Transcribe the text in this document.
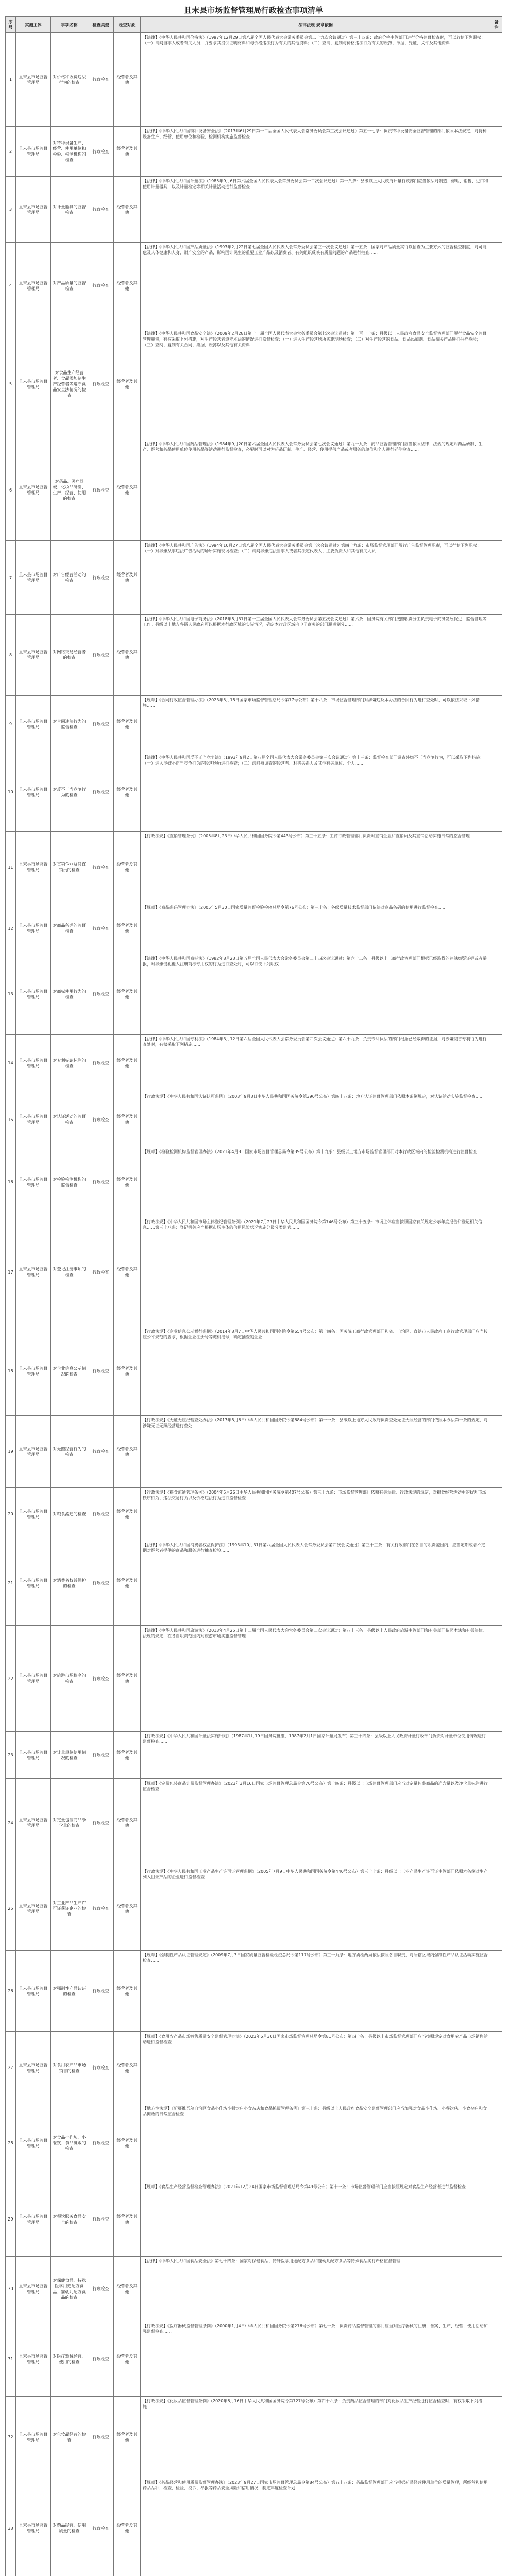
且末县市场监督管理局行政检查事项清单
序号	实施主体	事项名称	检查类型	检查对象	法律法规 规章依据	备注
1	且末县市场监督管理局	对价格和收费违法行为的检查	行政检查	经营者及其他	【法律】《中华人民共和国价格法》（1997年12月29日第八届全国人民代表大会常务委员会第二十九次会议通过）第三十四条：政府价格主管部门进行价格监督检查时，可以行使下列职权：（一）询问当事人或者有关人员，并要求其提供证明材料和与价格违法行为有关的其他资料；（二）查询、复制与价格违法行为有关的账簿、单据、凭证、文件及其他资料……	
2	且末县市场监督管理局	对特种设备生产、经营、使用单位和检验、检测机构的检查	行政检查	经营者及其他	【法律】《中华人民共和国特种设备安全法》（2013年6月29日第十二届全国人民代表大会常务委员会第三次会议通过）第五十七条：负责特种设备安全监督管理的部门依照本法规定，对特种设备生产、经营、使用单位和检验、检测机构实施监督检查……	
3	且末县市场监督管理局	对计量器具的监督检查	行政检查	经营者及其他	【法律】《中华人民共和国计量法》（1985年9月6日第六届全国人民代表大会常务委员会第十二次会议通过）第十八条：县级以上人民政府计量行政部门应当依法对制造、修理、销售、进口和使用计量器具，以及计量检定等相关计量活动进行监督检查……	
4	且末县市场监督管理局	对产品质量的监督检查	行政检查	经营者及其他	【法律】《中华人民共和国产品质量法》（1993年2月22日第七届全国人民代表大会常务委员会第三十次会议通过）第十五条：国家对产品质量实行以抽查为主要方式的监督检查制度，对可能危及人体健康和人身、财产安全的产品，影响国计民生的重要工业产品以及消费者、有关组织反映有质量问题的产品进行抽查……	
5	且末县市场监督管理局	对食品生产经营者、食品添加剂生产经营者等遵守食品安全法情况的检查	行政检查	经营者及其他	【法律】《中华人民共和国食品安全法》（2009年2月28日第十一届全国人民代表大会常务委员会第七次会议通过）第一百一十条：县级以上人民政府食品安全监督管理部门履行食品安全监督管理职责，有权采取下列措施，对生产经营者遵守本法的情况进行监督检查：（一）进入生产经营场所实施现场检查；（二）对生产经营的食品、食品添加剂、食品相关产品进行抽样检验；（三）查阅、复制有关合同、票据、账簿以及其他有关资料……	
6	且末县市场监督管理局	对药品、医疗器械、化妆品研制、生产、经营、使用的检查	行政检查	经营者及其他	【法律】《中华人民共和国药品管理法》（1984年9月20日第六届全国人民代表大会常务委员会第七次会议通过）第九十九条：药品监督管理部门应当依照法律、法规的规定对药品研制、生产、经营和药品使用单位使用药品等活动进行监督检查，必要时可以对为药品研制、生产、经营、使用提供产品或者服务的单位和个人进行延伸检查……	
7	且末县市场监督管理局	对广告经营活动的检查	行政检查	经营者及其他	【法律】《中华人民共和国广告法》（1994年10月27日第八届全国人民代表大会常务委员会第十次会议通过）第四十九条：市场监督管理部门履行广告监督管理职责，可以行使下列职权：（一）对涉嫌从事违法广告活动的场所实施现场检查；（二）询问涉嫌违法当事人或者其法定代表人、主要负责人和其他有关人员……	
8	且末县市场监督管理局	对网络交易经营者的检查	行政检查	经营者及其他	【法律】《中华人民共和国电子商务法》（2018年8月31日第十三届全国人民代表大会常务委员会第五次会议通过）第六条：国务院有关部门按照职责分工负责电子商务发展促进、监督管理等工作。县级以上地方各级人民政府可以根据本行政区域的实际情况，确定本行政区域内电子商务的部门职责划分……	
9	且末县市场监督管理局	对合同违法行为的监督检查	行政检查	经营者及其他	【规章】《合同行政监督管理办法》（2023年5月18日国家市场监督管理总局令第77号公布）第十八条：市场监督管理部门对涉嫌违反本办法的合同行为进行查处时，可以依法采取下列措施……	
10	且末县市场监督管理局	对反不正当竞争行为的检查	行政检查	经营者及其他	【法律】《中华人民共和国反不正当竞争法》（1993年9月2日第八届全国人民代表大会常务委员会第三次会议通过）第十三条：监督检查部门调查涉嫌不正当竞争行为，可以采取下列措施：（一）进入涉嫌不正当竞争行为的经营场所进行检查；（二）询问被调查的经营者、利害关系人及其他有关单位、个人……	
11	且末县市场监督管理局	对直销企业及其直销员的检查	行政检查	经营者及其他	【行政法规】《直销管理条例》（2005年8月23日中华人民共和国国务院令第443号公布）第三十五条：工商行政管理部门负责对直销企业和直销员及其直销活动实施日常的监督管理……	
12	且末县市场监督管理局	对商品条码的监督检查	行政检查	经营者及其他	【规章】《商品条码管理办法》（2005年5月30日国家质量监督检验检疫总局令第76号公布）第三十条：各级质量技术监督部门依法对商品条码的使用进行监督检查……	
13	且末县市场监督管理局	对商标使用行为的检查	行政检查	经营者及其他	【法律】《中华人民共和国商标法》（1982年8月23日第五届全国人民代表大会常务委员会第二十四次会议通过）第六十二条：县级以上工商行政管理部门根据已经取得的违法嫌疑证据或者举报，对涉嫌侵犯他人注册商标专用权的行为进行查处时，可以行使下列职权……	
14	且末县市场监督管理局	对专利标识标注的检查	行政检查	经营者及其他	【法律】《中华人民共和国专利法》（1984年3月12日第六届全国人民代表大会常务委员会第四次会议通过）第六十九条：负责专利执法的部门根据已经取得的证据，对涉嫌假冒专利行为进行查处时，有权采取下列措施……	
15	且末县市场监督管理局	对认证活动的监督检查	行政检查	经营者及其他	【行政法规】《中华人民共和国认证认可条例》（2003年9月3日中华人民共和国国务院令第390号公布）第四十八条：地方认证监督管理部门依照本条例规定，对认证活动实施监督检查……	
16	且末县市场监督管理局	对检验检测机构的监督检查	行政检查	经营者及其他	【规章】《检验检测机构监督管理办法》（2021年4月8日国家市场监督管理总局令第39号公布）第十九条：县级以上地方市场监督管理部门对本行政区域内的检验检测机构进行监督检查……	
17	且末县市场监督管理局	对登记注册事项的检查	行政检查	经营者及其他	【行政法规】《中华人民共和国市场主体登记管理条例》（2021年7月27日中华人民共和国国务院令第746号公布）第三十五条：市场主体应当按照国家有关规定公示年度报告和登记相关信息……第三十八条：登记机关应当根据市场主体的信用风险状况实施分级分类监管……	
18	且末县市场监督管理局	对企业信息公示情况的检查	行政检查	经营者及其他	【行政法规】《企业信息公示暂行条例》（2014年8月7日中华人民共和国国务院令第654号公布）第十四条：国务院工商行政管理部门和省、自治区、直辖市人民政府工商行政管理部门应当按照公平规范的要求，根据企业注册号等随机摇号，确定抽查的企业……	
19	且末县市场监督管理局	对无照经营行为的检查	行政检查	经营者及其他	【行政法规】《无证无照经营查处办法》（2017年8月6日中华人民共和国国务院令第684号公布）第十一条：县级以上地方人民政府负责查处无证无照经营的部门依照本办法第十条的规定，对涉嫌无证无照经营进行查处……	
20	且末县市场监督管理局	对粮食流通的检查	行政检查	经营者及其他	【行政法规】《粮食流通管理条例》（2004年5月26日中华人民共和国国务院令第407号公布）第三十九条：市场监督管理部门依照有关法律、行政法规的规定，对粮食经营活动中的扰乱市场秩序行为、违法交易行为以及价格违法行为进行监督检查……	
21	且末县市场监督管理局	对消费者权益保护的检查	行政检查	经营者及其他	【法律】《中华人民共和国消费者权益保护法》（1993年10月31日第八届全国人民代表大会常务委员会第四次会议通过）第三十三条：有关行政部门在各自的职责范围内，应当定期或者不定期对经营者提供的商品和服务进行抽查检验……	
22	且末县市场监督管理局	对旅游市场秩序的检查	行政检查	经营者及其他	【法律】《中华人民共和国旅游法》（2013年4月25日第十二届全国人民代表大会常务委员会第二次会议通过）第八十三条：县级以上人民政府旅游主管部门和有关部门依照本法和有关法律、法规的规定，在各自职责范围内对旅游市场实施监督管理……	
23	且末县市场监督管理局	对计量单位使用情况的检查	行政检查	经营者及其他	【行政法规】《中华人民共和国计量法实施细则》（1987年1月19日国务院批准，1987年2月1日国家计量局发布）第三十四条：县级以上人民政府计量行政部门负责对计量单位使用情况进行监督检查……	
24	且末县市场监督管理局	对定量包装商品净含量的检查	行政检查	经营者及其他	【规章】《定量包装商品计量监督管理办法》（2023年3月16日国家市场监督管理总局令第70号公布）第十四条：县级以上市场监督管理部门应当对定量包装商品的净含量以及净含量标注进行监督检查……	
25	且末县市场监督管理局	对工业产品生产许可证获证企业的检查	行政检查	经营者及其他	【行政法规】《中华人民共和国工业产品生产许可证管理条例》（2005年7月9日中华人民共和国国务院令第440号公布）第三十七条：县级以上工业产品生产许可证主管部门依照本条例对生产列入目录产品的企业进行监督检查……	
26	且末县市场监督管理局	对强制性产品认证的检查	行政检查	经营者及其他	【规章】《强制性产品认证管理规定》（2009年7月3日国家质量监督检验检疫总局令第117号公布）第三十九条：地方质检两局依法按照各自职责，对所辖区域内强制性产品认证活动实施监督检查……	
27	且末县市场监督管理局	对食用农产品市场销售的检查	行政检查	经营者及其他	【规章】《食用农产品市场销售质量安全监督管理办法》（2023年6月30日国家市场监督管理总局令第81号公布）第四十条：县级以上市场监督管理部门应当按照规定对食用农产品市场销售活动进行监督检查……	
28	且末县市场监督管理局	对食品小作坊、小餐饮、食品摊贩的检查	行政检查	经营者及其他	【地方性法规】《新疆维吾尔自治区食品小作坊小餐饮店小食杂店和食品摊贩管理条例》第三十条：县级以上人民政府食品安全监督管理部门应当加强对食品小作坊、小餐饮店、小食杂店和食品摊贩的日常监督检查……	
29	且末县市场监督管理局	对餐饮服务食品安全的检查	行政检查	经营者及其他	【规章】《食品生产经营监督检查管理办法》（2021年12月24日国家市场监督管理总局令第49号公布）第十一条：市场监督管理部门应当按照规定对食品生产经营者进行监督检查……	
30	且末县市场监督管理局	对保健食品、特殊医学用途配方食品、婴幼儿配方食品的检查	行政检查	经营者及其他	【法律】《中华人民共和国食品安全法》第七十四条：国家对保健食品、特殊医学用途配方食品和婴幼儿配方食品等特殊食品实行严格监督管理……	
31	且末县市场监督管理局	对医疗器械经营、使用的检查	行政检查	经营者及其他	【行政法规】《医疗器械监督管理条例》（2000年1月4日中华人民共和国国务院令第276号公布）第七十条：负责药品监督管理的部门应当对医疗器械的注册、备案、生产、经营、使用活动加强监督检查……	
32	且末县市场监督管理局	对化妆品经营的检查	行政检查	经营者及其他	【行政法规】《化妆品监督管理条例》（2020年6月16日中华人民共和国国务院令第727号公布）第四十六条：负责药品监督管理的部门对化妆品生产经营进行监督检查时，有权采取下列措施……	
33	且末县市场监督管理局	对药品经营、使用质量的检查	行政检查	经营者及其他	【规章】《药品经营和使用质量监督管理办法》（2023年9月27日国家市场监督管理总局令第84号公布）第五十八条：药品监督管理部门应当根据药品经营使用单位的质量管理，所经营和使用药品品种，检查、检验、投诉、举报等药品安全风险和信用情况，制定年度检查计划……	
